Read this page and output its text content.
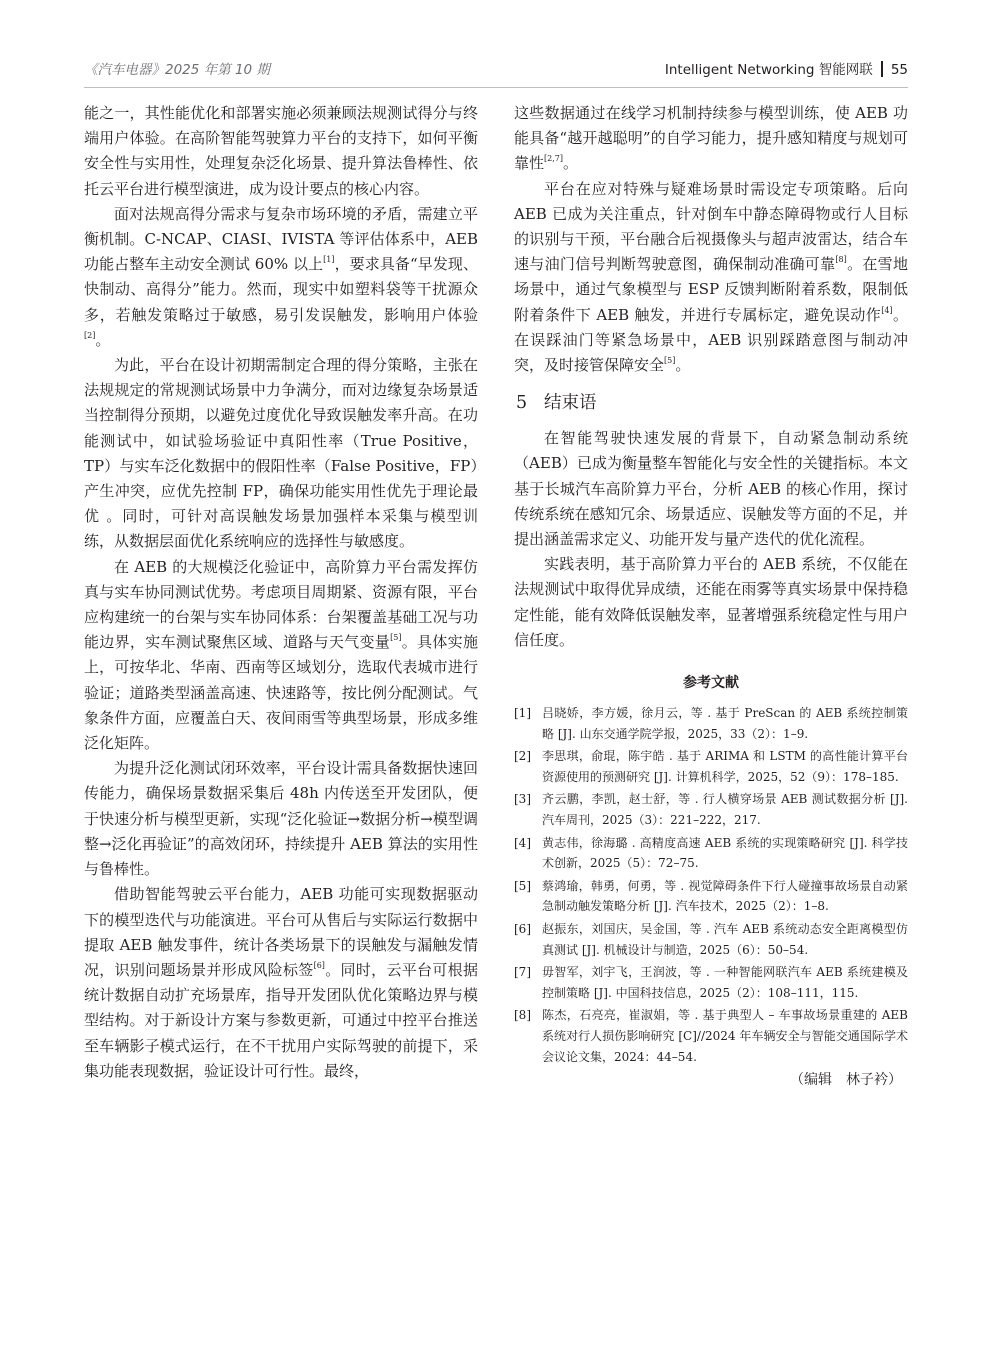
《汽车电器》2025 年第 10 期	Intelligent Networking 智能网联 55

能之一，其性能优化和部署实施必须兼顾法规测试得分与终端用户体验。在高阶智能驾驶算力平台的支持下，如何平衡安全性与实用性，处理复杂泛化场景、提升算法鲁棒性、依托云平台进行模型演进，成为设计要点的核心内容。

面对法规高得分需求与复杂市场环境的矛盾，需建立平衡机制。C-NCAP、CIASI、IVISTA 等评估体系中，AEB 功能占整车主动安全测试 60% 以上[1]，要求具备“早发现、快制动、高得分”能力。然而，现实中如塑料袋等干扰源众多，若触发策略过于敏感，易引发误触发，影响用户体验[2]。

为此，平台在设计初期需制定合理的得分策略，主张在法规规定的常规测试场景中力争满分，而对边缘复杂场景适当控制得分预期，以避免过度优化导致误触发率升高。在功能测试中，如试验场验证中真阳性率（True Positive，TP）与实车泛化数据中的假阳性率（False Positive，FP）产生冲突，应优先控制 FP，确保功能实用性优先于理论最优 。同时，可针对高误触发场景加强样本采集与模型训练，从数据层面优化系统响应的选择性与敏感度。

在 AEB 的大规模泛化验证中，高阶算力平台需发挥仿真与实车协同测试优势。考虑项目周期紧、资源有限，平台应构建统一的台架与实车协同体系：台架覆盖基础工况与功能边界，实车测试聚焦区域、道路与天气变量[5]。具体实施上，可按华北、华南、西南等区域划分，选取代表城市进行验证；道路类型涵盖高速、快速路等，按比例分配测试。气象条件方面，应覆盖白天、夜间雨雪等典型场景，形成多维泛化矩阵。

为提升泛化测试闭环效率，平台设计需具备数据快速回传能力，确保场景数据采集后 48h 内传送至开发团队，便于快速分析与模型更新，实现“泛化验证→数据分析→模型调整→泛化再验证”的高效闭环，持续提升 AEB 算法的实用性与鲁棒性。

借助智能驾驶云平台能力，AEB 功能可实现数据驱动下的模型迭代与功能演进。平台可从售后与实际运行数据中提取 AEB 触发事件，统计各类场景下的误触发与漏触发情况，识别问题场景并形成风险标签[6]。同时，云平台可根据统计数据自动扩充场景库，指导开发团队优化策略边界与模型结构。对于新设计方案与参数更新，可通过中控平台推送至车辆影子模式运行，在不干扰用户实际驾驶的前提下，采集功能表现数据，验证设计可行性。最终，

这些数据通过在线学习机制持续参与模型训练，使 AEB 功能具备“越开越聪明”的自学习能力，提升感知精度与规划可靠性[2,7]。

平台在应对特殊与疑难场景时需设定专项策略。后向 AEB 已成为关注重点，针对倒车中静态障碍物或行人目标的识别与干预，平台融合后视摄像头与超声波雷达，结合车速与油门信号判断驾驶意图，确保制动准确可靠[8]。在雪地场景中，通过气象模型与 ESP 反馈判断附着系数，限制低附着条件下 AEB 触发，并进行专属标定，避免误动作[4]。在误踩油门等紧急场景中，AEB 识别踩踏意图与制动冲突，及时接管保障安全[5]。

5 结束语

在智能驾驶快速发展的背景下，自动紧急制动系统（AEB）已成为衡量整车智能化与安全性的关键指标。本文基于长城汽车高阶算力平台，分析 AEB 的核心作用，探讨传统系统在感知冗余、场景适应、误触发等方面的不足，并提出涵盖需求定义、功能开发与量产迭代的优化流程。

实践表明，基于高阶算力平台的 AEB 系统，不仅能在法规测试中取得优异成绩，还能在雨雾等真实场景中保持稳定性能，能有效降低误触发率，显著增强系统稳定性与用户信任度。

参考文献
[1] 吕晓娇，李方媛，徐月云，等 . 基于 PreScan 的 AEB 系统控制策略 [J]. 山东交通学院学报，2025，33（2）：1–9.
[2] 李思琪，俞琨，陈宇皓 . 基于 ARIMA 和 LSTM 的高性能计算平台资源使用的预测研究 [J]. 计算机科学，2025，52（9）：178–185.
[3] 齐云鹏，李凯，赵士舒，等 . 行人横穿场景 AEB 测试数据分析 [J]. 汽车周刊，2025（3）：221–222，217.
[4] 黄志伟，徐海璐 . 高精度高速 AEB 系统的实现策略研究 [J]. 科学技术创新，2025（5）：72–75.
[5] 蔡鸿瑜，韩勇，何勇，等 . 视觉障碍条件下行人碰撞事故场景自动紧急制动触发策略分析 [J]. 汽车技术，2025（2）：1–8.
[6] 赵振东，刘国庆，吴金国，等 . 汽车 AEB 系统动态安全距离模型仿真测试 [J]. 机械设计与制造，2025（6）：50–54.
[7] 毋智军，刘宇飞，王润波，等 . 一种智能网联汽车 AEB 系统建模及控制策略 [J]. 中国科技信息，2025（2）：108–111，115.
[8] 陈杰，石亮亮，崔淑娟，等 . 基于典型人 – 车事故场景重建的 AEB 系统对行人损伤影响研究 [C]//2024 年车辆安全与智能交通国际学术会议论文集，2024：44–54.
（编辑　林子衿）
